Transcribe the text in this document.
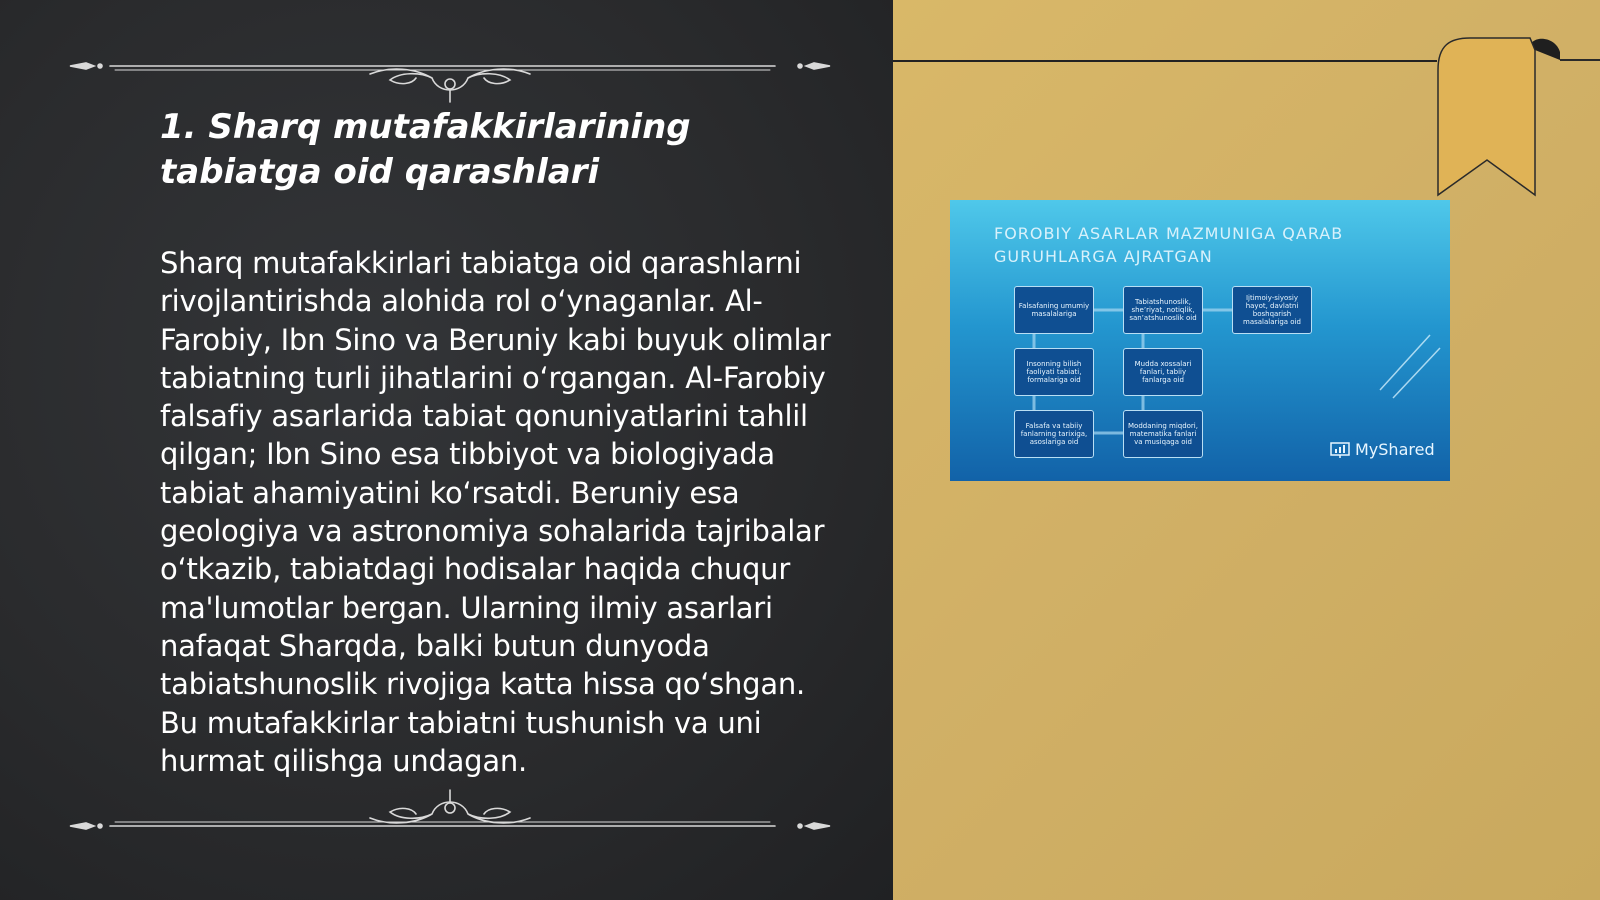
1. Sharq mutafakkirlarining tabiatga oid qarashlari

Sharq mutafakkirlari tabiatga oid qarashlarni rivojlantirishda alohida rol o‘ynaganlar. Al-Farobiy, Ibn Sino va Beruniy kabi buyuk olimlar tabiatning turli jihatlarini o‘rgangan. Al-Farobiy falsafiy asarlarida tabiat qonuniyatlarini tahlil qilgan; Ibn Sino esa tibbiyot va biologiyada tabiat ahamiyatini ko‘rsatdi. Beruniy esa geologiya va astronomiya sohalarida tajribalar o‘tkazib, tabiatdagi hodisalar haqida chuqur ma'lumotlar bergan. Ularning ilmiy asarlari nafaqat Sharqda, balki butun dunyoda tabiatshunoslik rivojiga katta hissa qo‘shgan. Bu mutafakkirlar tabiatni tushunish va uni hurmat qilishga undagan.

FOROBIY ASARLAR MAZMUNIGA QARAB GURUHLARGA AJRATGAN

Falsafaning umumiy masalalariga
Tabiatshunoslik, she’riyat, notiqlik, san’atshunoslik oid
Ijtimoiy-siyosiy hayot, davlatni boshqarish masalalariga oid
Insonning bilish faoliyati tabiati, formalariga oid
Mudda xossalari fanlari, tabiiy fanlarga oid
Falsafa va tabiiy fanlarning tarixiga, asoslariga oid
Moddaning miqdori, matematika fanlari va musiqaga oid	MyShared
